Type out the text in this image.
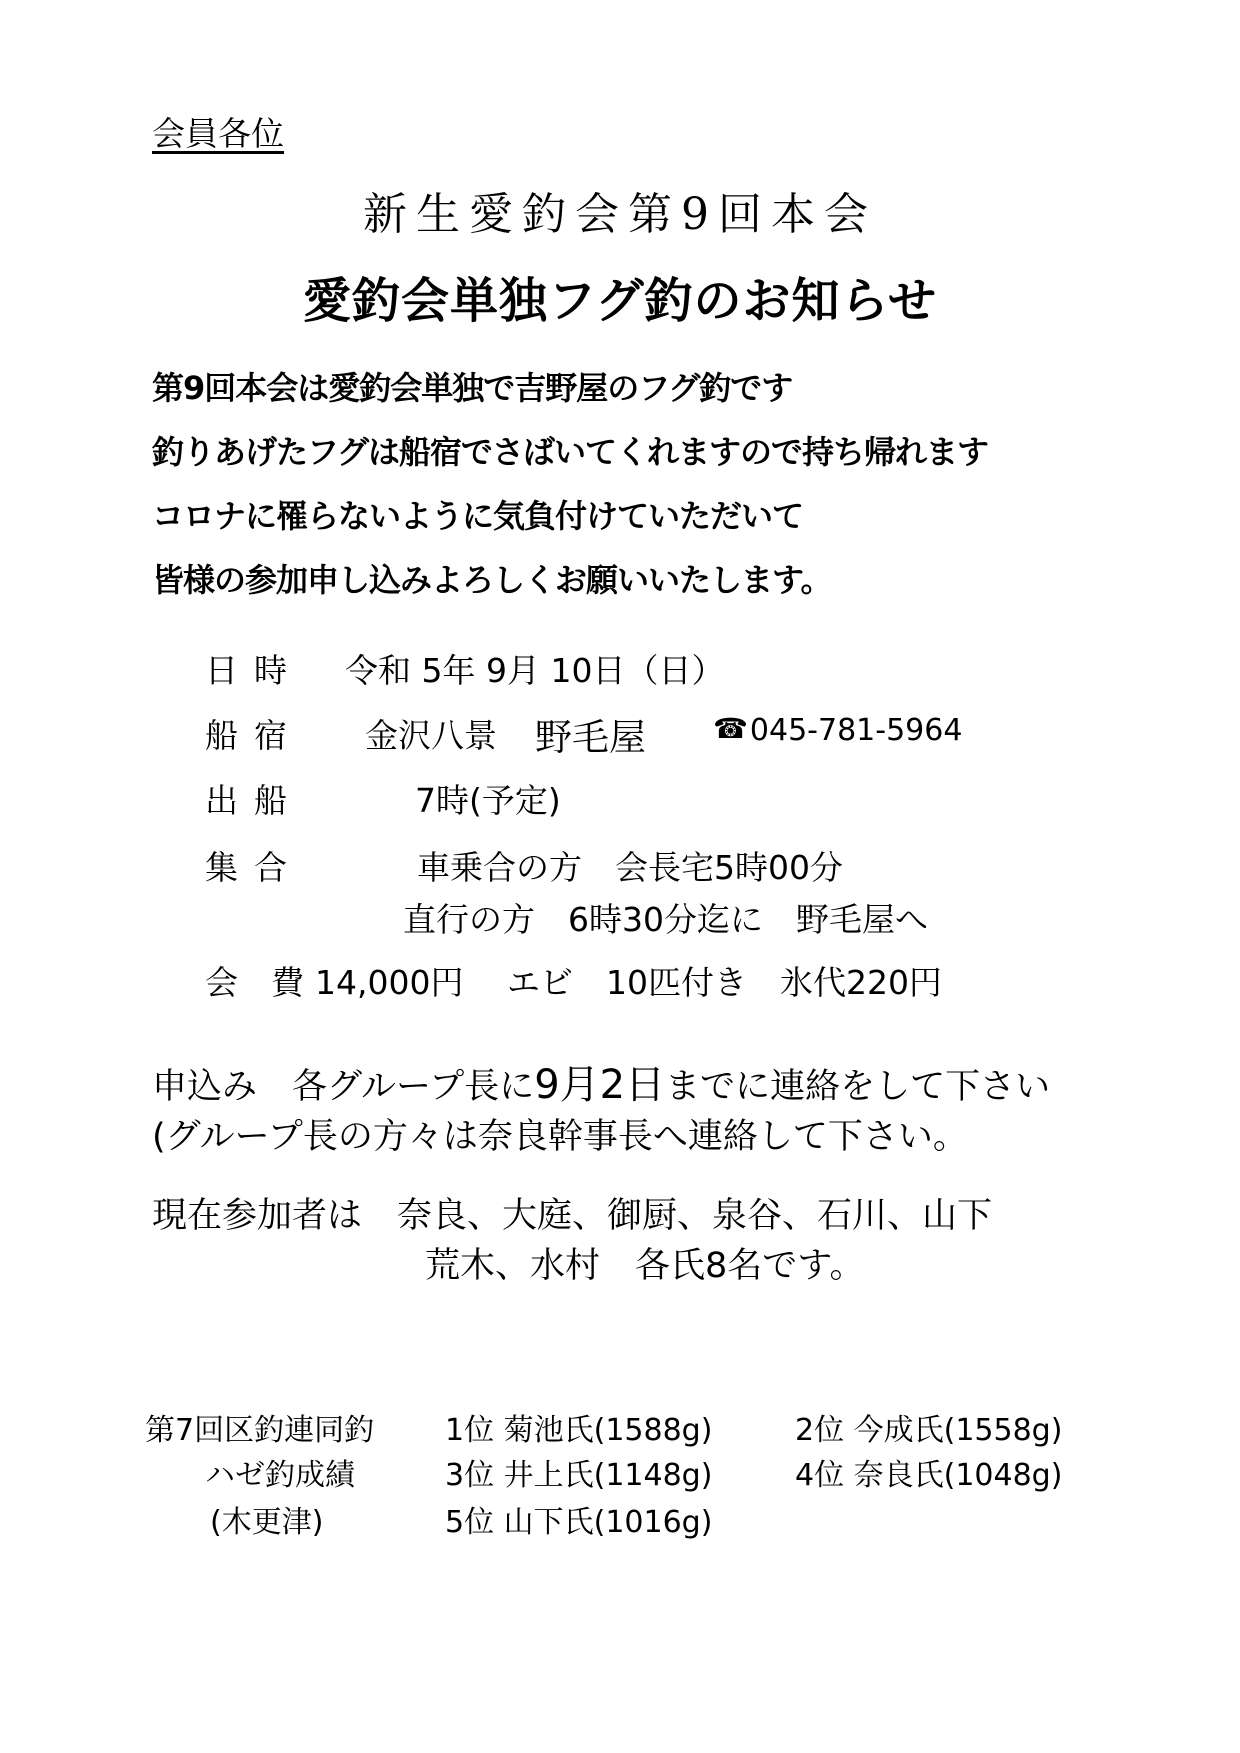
会員各位
新生愛釣会第9回本会
愛釣会単独フグ釣のお知らせ
第9回本会は愛釣会単独で吉野屋のフグ釣です
釣りあげたフグは船宿でさばいてくれますので持ち帰れます
コロナに罹らないように気負付けていただいて
皆様の参加申し込みよろしくお願いいたします。
日時 令和 5年 9月 10日（日）
船宿 金沢八景 野毛屋 ☎045-781-5964
出船	7時(予定)
集合	車乗合の方　会長宅5時00分
直行の方　6時30分迄に　野毛屋へ
会　費 14,000円　 エビ　10匹付き　氷代220円
申込み　各グループ長に9月2日までに連絡をして下さい
(グループ長の方々は奈良幹事長へ連絡して下さい。
現在参加者は　奈良、大庭、御厨、泉谷、石川、山下
荒木、水村　各氏8名です。
第7回区釣連同釣
ハゼ釣成績
(木更津)
1位 菊池氏(1588g)	2位 今成氏(1558g)
3位 井上氏(1148g)	4位 奈良氏(1048g)
5位 山下氏(1016g)
